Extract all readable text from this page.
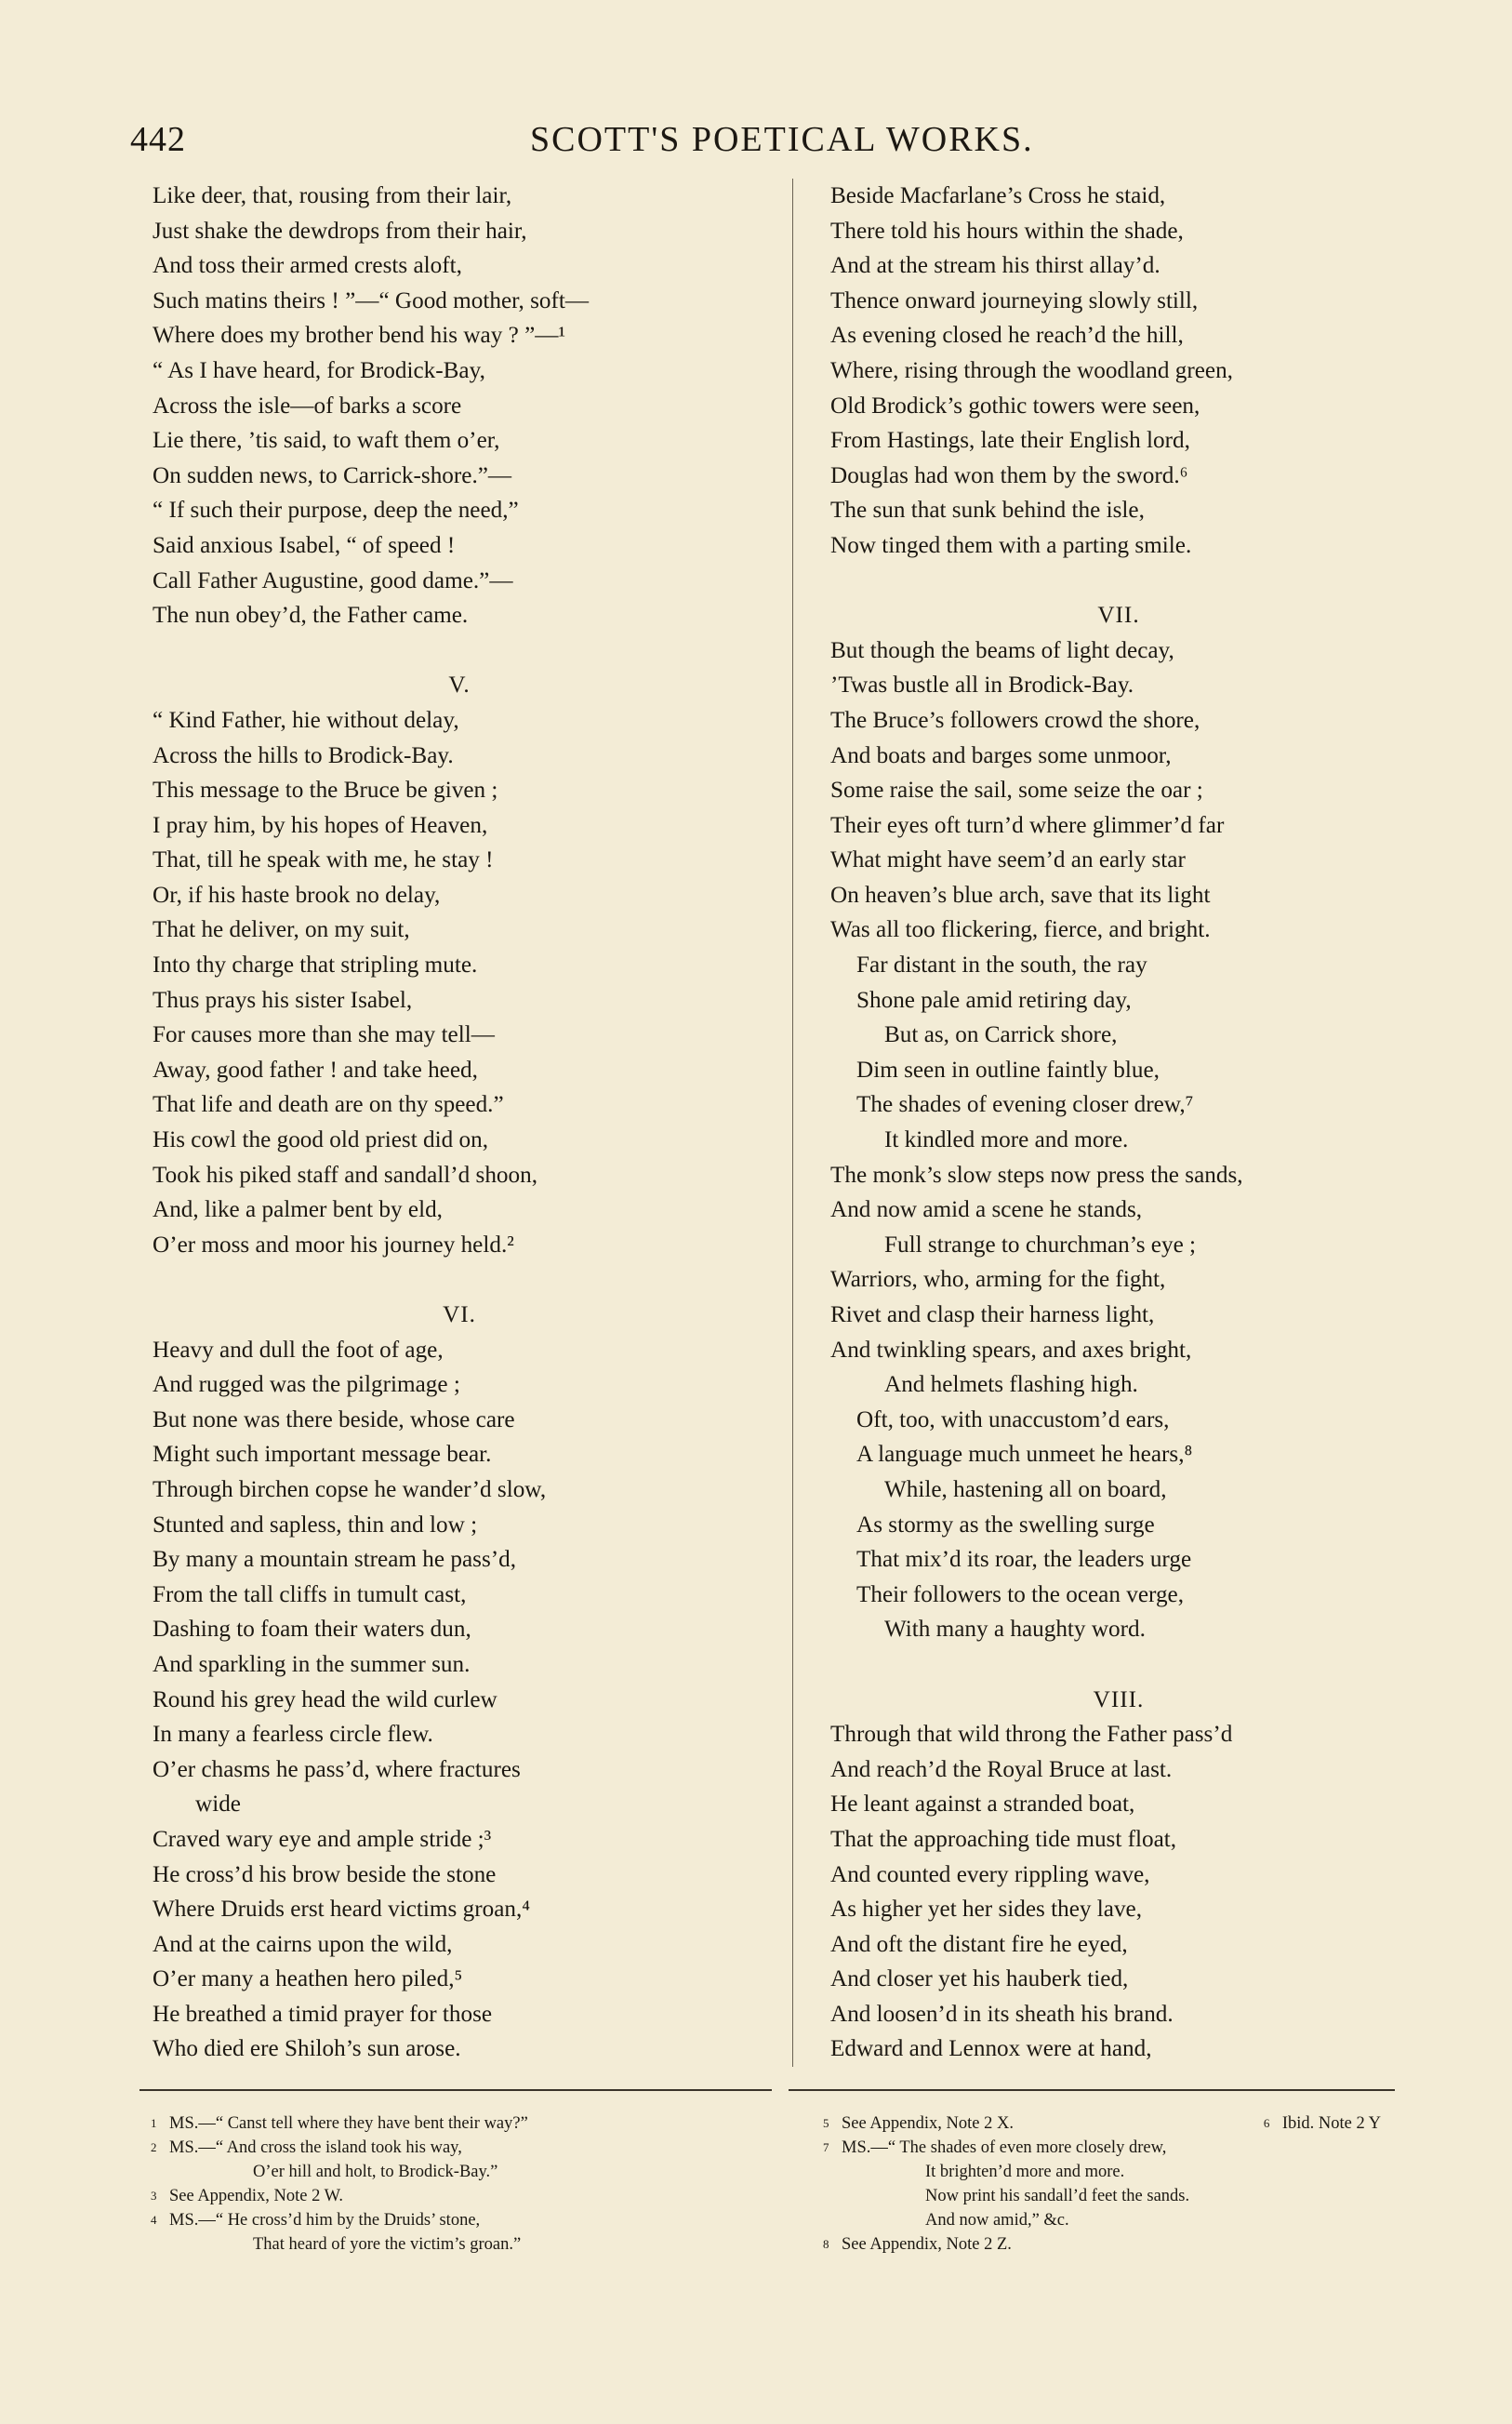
442	SCOTT'S POETICAL WORKS.
Like deer, that, rousing from their lair,
Just shake the dewdrops from their hair,
And toss their armed crests aloft,
Such matins theirs ! ”—“ Good mother, soft—
Where does my brother bend his way ? ”—¹
“ As I have heard, for Brodick-Bay,
Across the isle—of barks a score
Lie there, ’tis said, to waft them o’er,
On sudden news, to Carrick-shore.”—
“ If such their purpose, deep the need,”
Said anxious Isabel, “ of speed !
Call Father Augustine, good dame.”—
The nun obey’d, the Father came.
V.
“ Kind Father, hie without delay,
Across the hills to Brodick-Bay.
This message to the Bruce be given ;
I pray him, by his hopes of Heaven,
That, till he speak with me, he stay !
Or, if his haste brook no delay,
That he deliver, on my suit,
Into thy charge that stripling mute.
Thus prays his sister Isabel,
For causes more than she may tell—
Away, good father ! and take heed,
That life and death are on thy speed.”
His cowl the good old priest did on,
Took his piked staff and sandall’d shoon,
And, like a palmer bent by eld,
O’er moss and moor his journey held.²
VI.
Heavy and dull the foot of age,
And rugged was the pilgrimage ;
But none was there beside, whose care
Might such important message bear.
Through birchen copse he wander’d slow,
Stunted and sapless, thin and low ;
By many a mountain stream he pass’d,
From the tall cliffs in tumult cast,
Dashing to foam their waters dun,
And sparkling in the summer sun.
Round his grey head the wild curlew
In many a fearless circle flew.
O’er chasms he pass’d, where fractures
wide
Craved wary eye and ample stride ;³
He cross’d his brow beside the stone
Where Druids erst heard victims groan,⁴
And at the cairns upon the wild,
O’er many a heathen hero piled,⁵
He breathed a timid prayer for those
Who died ere Shiloh’s sun arose.
Beside Macfarlane’s Cross he staid,
There told his hours within the shade,
And at the stream his thirst allay’d.
Thence onward journeying slowly still,
As evening closed he reach’d the hill,
Where, rising through the woodland green,
Old Brodick’s gothic towers were seen,
From Hastings, late their English lord,
Douglas had won them by the sword.⁶
The sun that sunk behind the isle,
Now tinged them with a parting smile.
VII.
But though the beams of light decay,
’Twas bustle all in Brodick-Bay.
The Bruce’s followers crowd the shore,
And boats and barges some unmoor,
Some raise the sail, some seize the oar ;
Their eyes oft turn’d where glimmer’d far
What might have seem’d an early star
On heaven’s blue arch, save that its light
Was all too flickering, fierce, and bright.
Far distant in the south, the ray
Shone pale amid retiring day,
But as, on Carrick shore,
Dim seen in outline faintly blue,
The shades of evening closer drew,⁷
It kindled more and more.
The monk’s slow steps now press the sands,
And now amid a scene he stands,
Full strange to churchman’s eye ;
Warriors, who, arming for the fight,
Rivet and clasp their harness light,
And twinkling spears, and axes bright,
And helmets flashing high.
Oft, too, with unaccustom’d ears,
A language much unmeet he hears,⁸
While, hastening all on board,
As stormy as the swelling surge
That mix’d its roar, the leaders urge
Their followers to the ocean verge,
With many a haughty word.
VIII.
Through that wild throng the Father pass’d
And reach’d the Royal Bruce at last.
He leant against a stranded boat,
That the approaching tide must float,
And counted every rippling wave,
As higher yet her sides they lave,
And oft the distant fire he eyed,
And closer yet his hauberk tied,
And loosen’d in its sheath his brand.
Edward and Lennox were at hand,
1 MS.—“ Canst tell where they have bent their way?”
2 MS.—“ And cross the island took his way,
O’er hill and holt, to Brodick-Bay.”
3 See Appendix, Note 2 W.
4 MS.—“ He cross’d him by the Druids’ stone,
That heard of yore the victim’s groan.”
5 See Appendix, Note 2 X.	6 Ibid. Note 2 Y
7 MS.—“ The shades of even more closely drew,
It brighten’d more and more.
Now print his sandall’d feet the sands.
And now amid,” &c.
8 See Appendix, Note 2 Z.
